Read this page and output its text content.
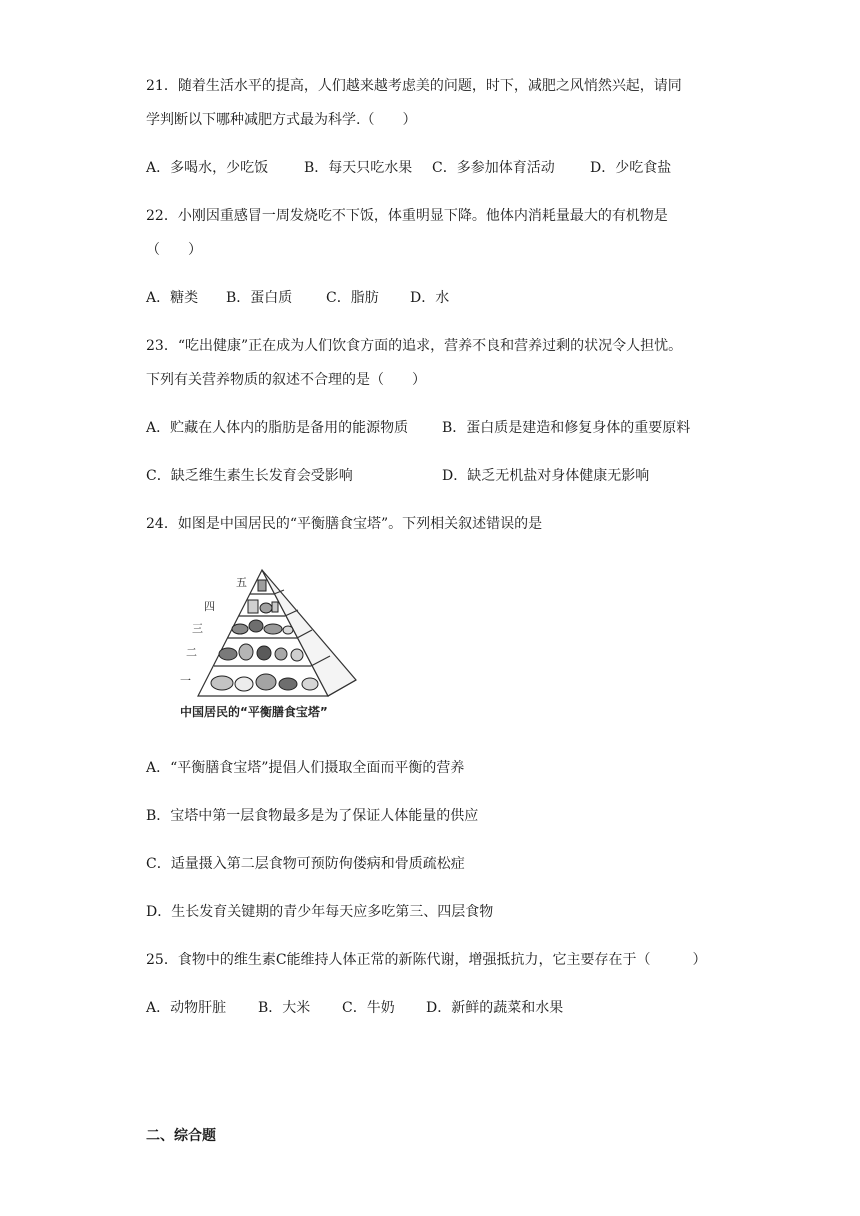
21．随着生活水平的提高，人们越来越考虑美的问题，时下，减肥之风悄然兴起，请同
学判断以下哪种减肥方式最为科学.（　　）
A．多喝水，少吃饭	B．每天只吃水果 C．多参加体育活动	D．少吃食盐
22．小刚因重感冒一周发烧吃不下饭，体重明显下降。他体内消耗量最大的有机物是
（　　）
A．糖类 B．蛋白质 C．脂肪 D．水
23．“吃出健康”正在成为人们饮食方面的追求，营养不良和营养过剩的状况令人担忧。
下列有关营养物质的叙述不合理的是（　　）
A．贮藏在人体内的脂肪是备用的能源物质 B．蛋白质是建造和修复身体的重要原料
C．缺乏维生素生长发育会受影响	D．缺乏无机盐对身体健康无影响
24．如图是中国居民的“平衡膳食宝塔”。下列相关叙述错误的是
五
四
三
二
一
中国居民的“平衡膳食宝塔”
A．“平衡膳食宝塔”提倡人们摄取全面而平衡的营养
B．宝塔中第一层食物最多是为了保证人体能量的供应
C．适量摄入第二层食物可预防佝偻病和骨质疏松症
D．生长发育关键期的青少年每天应多吃第三、四层食物
25．食物中的维生素C能维持人体正常的新陈代谢，增强抵抗力，它主要存在于（　　　）
A．动物肝脏 B．大米 C．牛奶 D．新鲜的蔬菜和水果
二、综合题
